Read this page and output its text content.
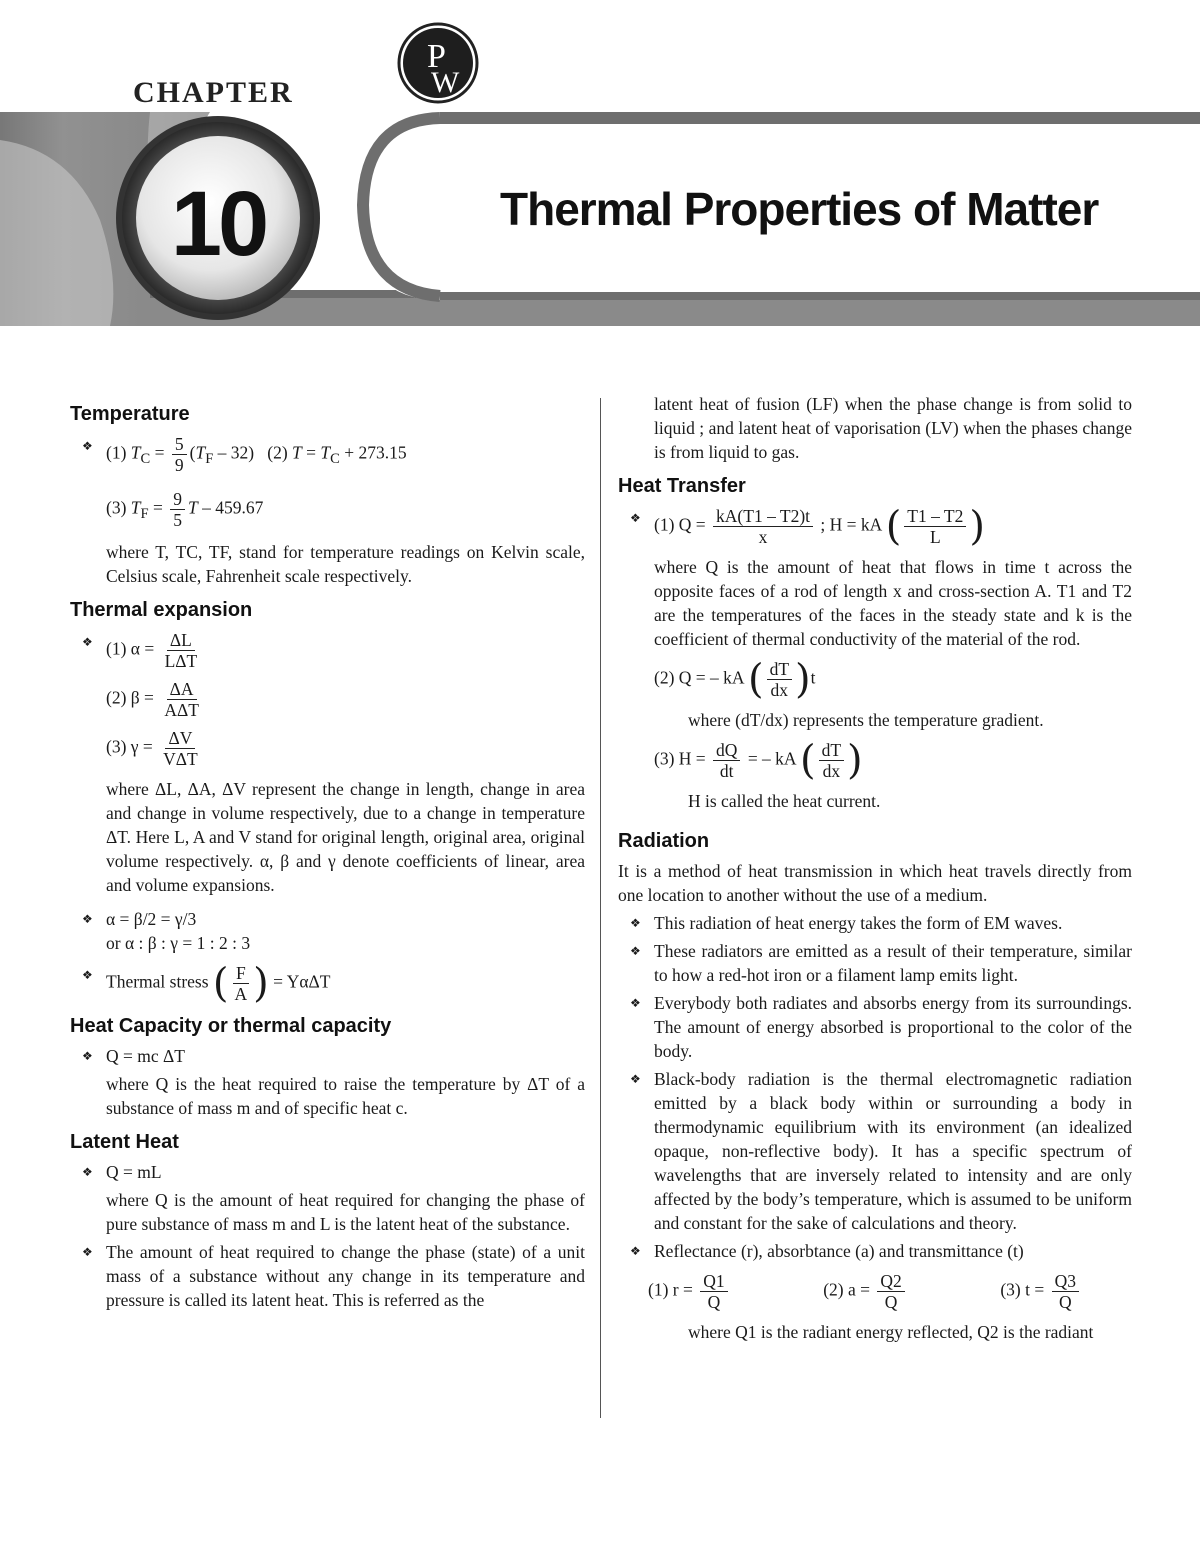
CHAPTER
10	Thermal Properties of Matter
P
W
Temperature
❖ (1) $T_C = \frac{5}{9} (T_F - 32)$   (2) $T = T_C + 273.15$
(3) $T_F = \frac{9}{5}$ T – 459.67
where T, TC, TF, stand for temperature readings on Kelvin scale, Celsius scale, Fahrenheit scale respectively.
Thermal expansion
❖ (1) $\alpha = \frac{\Delta L}{\text{LΔT}}$
(2) $\beta = \frac{\Delta A}{\text{AΔT}}$
(3) $\gamma = \frac{\Delta V}{\text{VΔT}}$
where ΔL, ΔA, ΔV represent the change in length, change in area and change in volume respectively, due to a change in temperature ΔT. Here L, A and V stand for original length, original area, original volume respectively. α, β and γ denote coefficients of linear, area and volume expansions.
❖ α = β/2 = γ/3
or α : β : γ = 1 : 2 : 3
❖ Thermal stress ( $\frac{F}{A}$ ) = YαΔT
Heat Capacity or thermal capacity
❖ Q = mc ΔT
where Q is the heat required to raise the temperature by ΔT of a substance of mass m and of specific heat c.
Latent Heat
❖ Q = mL
where Q is the amount of heat required for changing the phase of pure substance of mass m and L is the latent heat of the substance.
❖ The amount of heat required to change the phase (state) of a unit mass of a substance without any change in its temperature and pressure is called its latent heat. This is referred as the
latent heat of fusion (LF) when the phase change is from solid to liquid ; and latent heat of vaporisation (LV) when the phases change is from liquid to gas.
Heat Transfer
❖ (1) $Q = \frac{kA(T1 - T2)t}{x}$ ; H = kA ( $\frac{T1 - T2}{L}$ )
where Q is the amount of heat that flows in time t across the opposite faces of a rod of length x and cross-section A. T1 and T2 are the temperatures of the faces in the steady state and k is the coefficient of thermal conductivity of the material of the rod.
(2) Q = – kA ( $\frac{dT}{dx} )t$
where (dT/dx) represents the temperature gradient.
(3) $H = \frac{dQ}{dt}$ = – kA ( $\frac{dT}{dx}$ )
H is called the heat current.
Radiation
It is a method of heat transmission in which heat travels directly from one location to another without the use of a medium.
❖ This radiation of heat energy takes the form of EM waves.
❖ These radiators are emitted as a result of their temperature, similar to how a red-hot iron or a filament lamp emits light.
❖ Everybody both radiates and absorbs energy from its surroundings. The amount of energy absorbed is proportional to the color of the body.
❖ Black-body radiation is the thermal electromagnetic radiation emitted by a black body within or surrounding a body in thermodynamic equilibrium with its environment (an idealized opaque, non-reflective body). It has a specific spectrum of wavelengths that are inversely related to intensity and are only affected by the body’s temperature, which is assumed to be uniform and constant for the sake of calculations and theory.
❖ Reflectance (r), absorbtance (a) and transmittance (t)
(1) $r = \frac{Q1}{Q}$	(2) $a = \frac{Q2}{Q}$	(3) $t = \frac{Q3}{Q}$
where Q1 is the radiant energy reflected, Q2 is the radiant
